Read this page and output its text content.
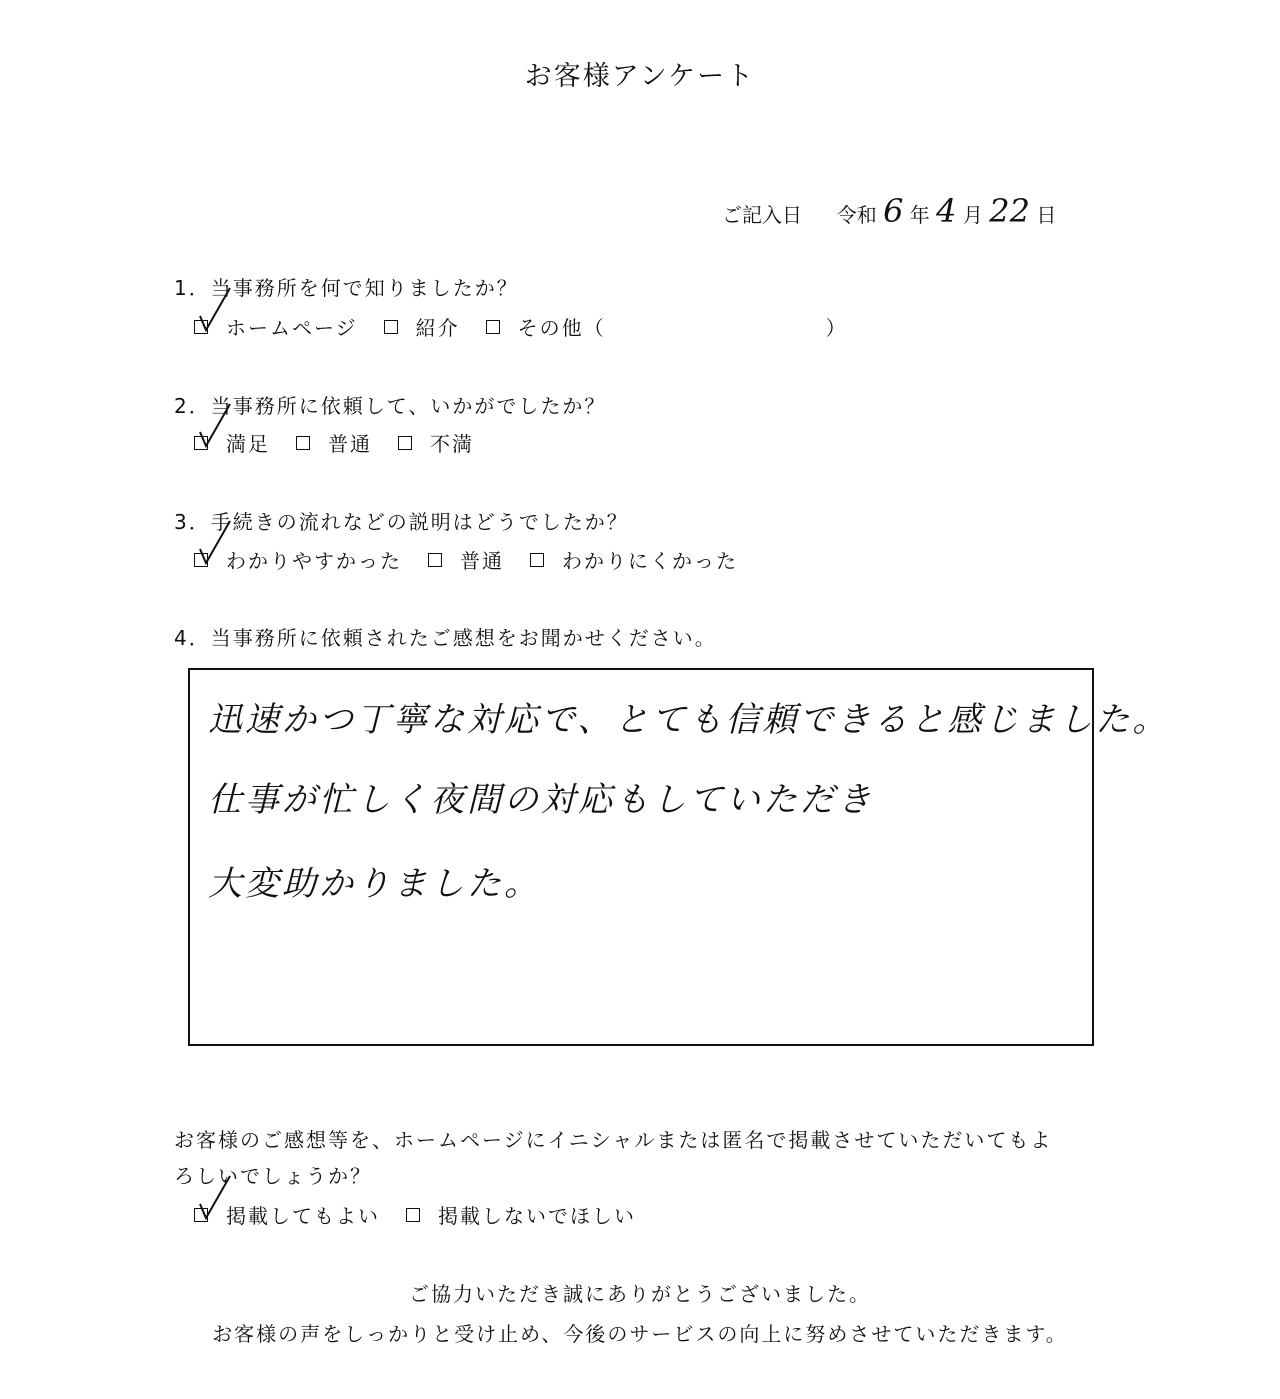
お客様アンケート
ご記入日 令和 6 年 4 月 22 日
1．当事務所を何で知りましたか？
ホームページ	紹介	その他（　　　　　　　　　　）
2．当事務所に依頼して、いかがでしたか？
満足	普通	不満
3．手続きの流れなどの説明はどうでしたか？
わかりやすかった	普通	わかりにくかった
4．当事務所に依頼されたご感想をお聞かせください。
迅速かつ丁寧な対応で、とても信頼できると感じました。
仕事が忙しく夜間の対応もしていただき
大変助かりました。
お客様のご感想等を、ホームページにイニシャルまたは匿名で掲載させていただいてもよ
ろしいでしょうか？
掲載してもよい	掲載しないでほしい
ご協力いただき誠にありがとうございました。
お客様の声をしっかりと受け止め、今後のサービスの向上に努めさせていただきます。
